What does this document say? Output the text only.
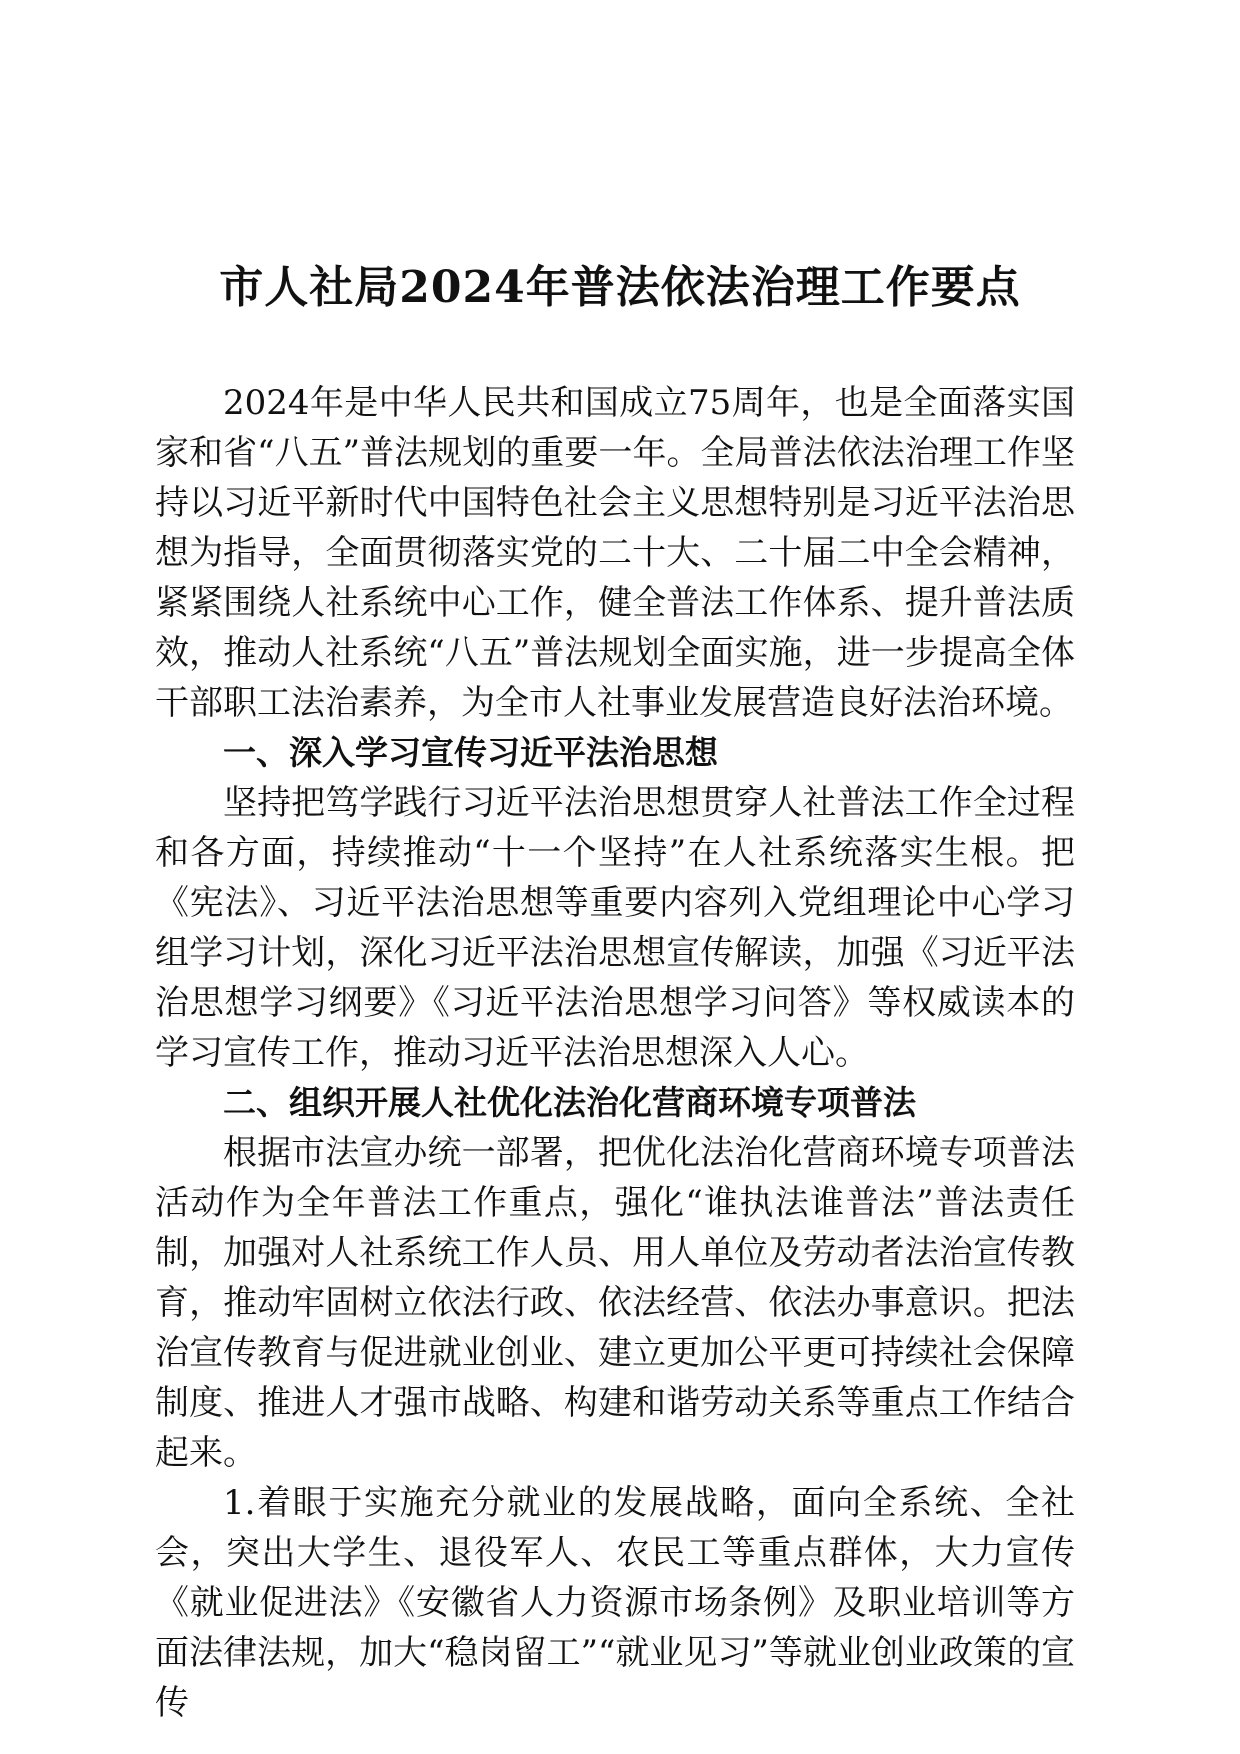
市人社局2024年普法依法治理工作要点

2024年是中华人民共和国成立75周年，也是全面落实国家和省“八五”普法规划的重要一年。全局普法依法治理工作坚持以习近平新时代中国特色社会主义思想特别是习近平法治思想为指导，全面贯彻落实党的二十大、二十届二中全会精神，紧紧围绕人社系统中心工作，健全普法工作体系、提升普法质效，推动人社系统“八五”普法规划全面实施，进一步提高全体干部职工法治素养，为全市人社事业发展营造良好法治环境。

一、深入学习宣传习近平法治思想

坚持把笃学践行习近平法治思想贯穿人社普法工作全过程和各方面，持续推动“十一个坚持”在人社系统落实生根。把《宪法》、习近平法治思想等重要内容列入党组理论中心学习组学习计划，深化习近平法治思想宣传解读，加强《习近平法治思想学习纲要》《习近平法治思想学习问答》等权威读本的学习宣传工作，推动习近平法治思想深入人心。

二、组织开展人社优化法治化营商环境专项普法

根据市法宣办统一部署，把优化法治化营商环境专项普法活动作为全年普法工作重点，强化“谁执法谁普法”普法责任制，加强对人社系统工作人员、用人单位及劳动者法治宣传教育，推动牢固树立依法行政、依法经营、依法办事意识。把法治宣传教育与促进就业创业、建立更加公平更可持续社会保障制度、推进人才强市战略、构建和谐劳动关系等重点工作结合起来。

1.着眼于实施充分就业的发展战略，面向全系统、全社会，突出大学生、退役军人、农民工等重点群体，大力宣传《就业促进法》《安徽省人力资源市场条例》及职业培训等方面法律法规，加大“稳岗留工”“就业见习”等就业创业政策的宣传
